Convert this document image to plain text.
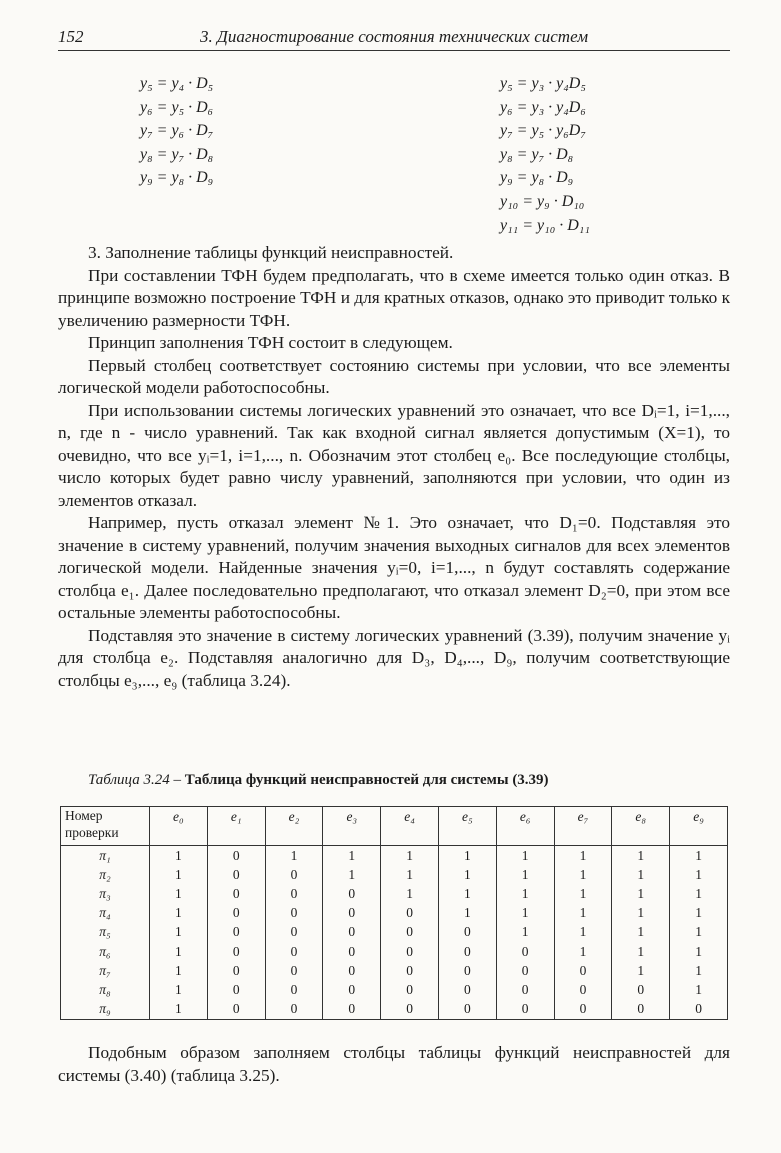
152	3. Диагностирование состояния технических систем
y₅ = y₄ · D₅
y₆ = y₅ · D₆
y₇ = y₆ · D₇
y₈ = y₇ · D₈
y₉ = y₈ · D₉
y₅ = y₃ · y₄D₅
y₆ = y₃ · y₄D₆
y₇ = y₅ · y₆D₇
y₈ = y₇ · D₈
y₉ = y₈ · D₉
y₁₀ = y₉ · D₁₀
y₁₁ = y₁₀ · D₁₁

3. Заполнение таблицы функций неисправностей.

При составлении ТФН будем предполагать, что в схеме имеется только один отказ. В принципе возможно построение ТФН и для кратных отказов, однако это приводит только к увеличению размерности ТФН.

Принцип заполнения ТФН состоит в следующем.

Первый столбец соответствует состоянию системы при условии, что все элементы логической модели работоспособны.

При использовании системы логических уравнений это означает, что все Dᵢ=1, i=1,..., n, где n - число уравнений. Так как входной сигнал является допустимым (X=1), то очевидно, что все yᵢ=1, i=1,..., n. Обозначим этот столбец e₀. Все последующие столбцы, число которых будет равно числу уравнений, заполняются при условии, что один из элементов отказал.

Например, пусть отказал элемент №1. Это означает, что D₁=0. Подставляя это значение в систему уравнений, получим значения выходных сигналов для всех элементов логической модели. Найденные значения yᵢ=0, i=1,..., n будут составлять содержание столбца e₁. Далее последовательно предполагают, что отказал элемент D₂=0, при этом все остальные элементы работоспособны.

Подставляя это значение в систему логических уравнений (3.39), получим значение yᵢ для столбца e₂. Подставляя аналогично для D₃, D₄,..., D₉, получим соответствующие столбцы e₃,..., e₉ (таблица 3.24).

Таблица 3.24 – Таблица функций неисправностей для системы (3.39)
Номер проверки	e₀	e₁	e₂	e₃	e₄	e₅	e₆	e₇	e₈	e₉
π₁	1	0	1	1	1	1	1	1	1	1
π₂	1	0	0	1	1	1	1	1	1	1
π₃	1	0	0	0	1	1	1	1	1	1
π₄	1	0	0	0	0	1	1	1	1	1
π₅	1	0	0	0	0	0	1	1	1	1
π₆	1	0	0	0	0	0	0	1	1	1
π₇	1	0	0	0	0	0	0	0	1	1
π₈	1	0	0	0	0	0	0	0	0	1
π₉	1	0	0	0	0	0	0	0	0	0

Подобным образом заполняем столбцы таблицы функций неисправностей для системы (3.40) (таблица 3.25).
